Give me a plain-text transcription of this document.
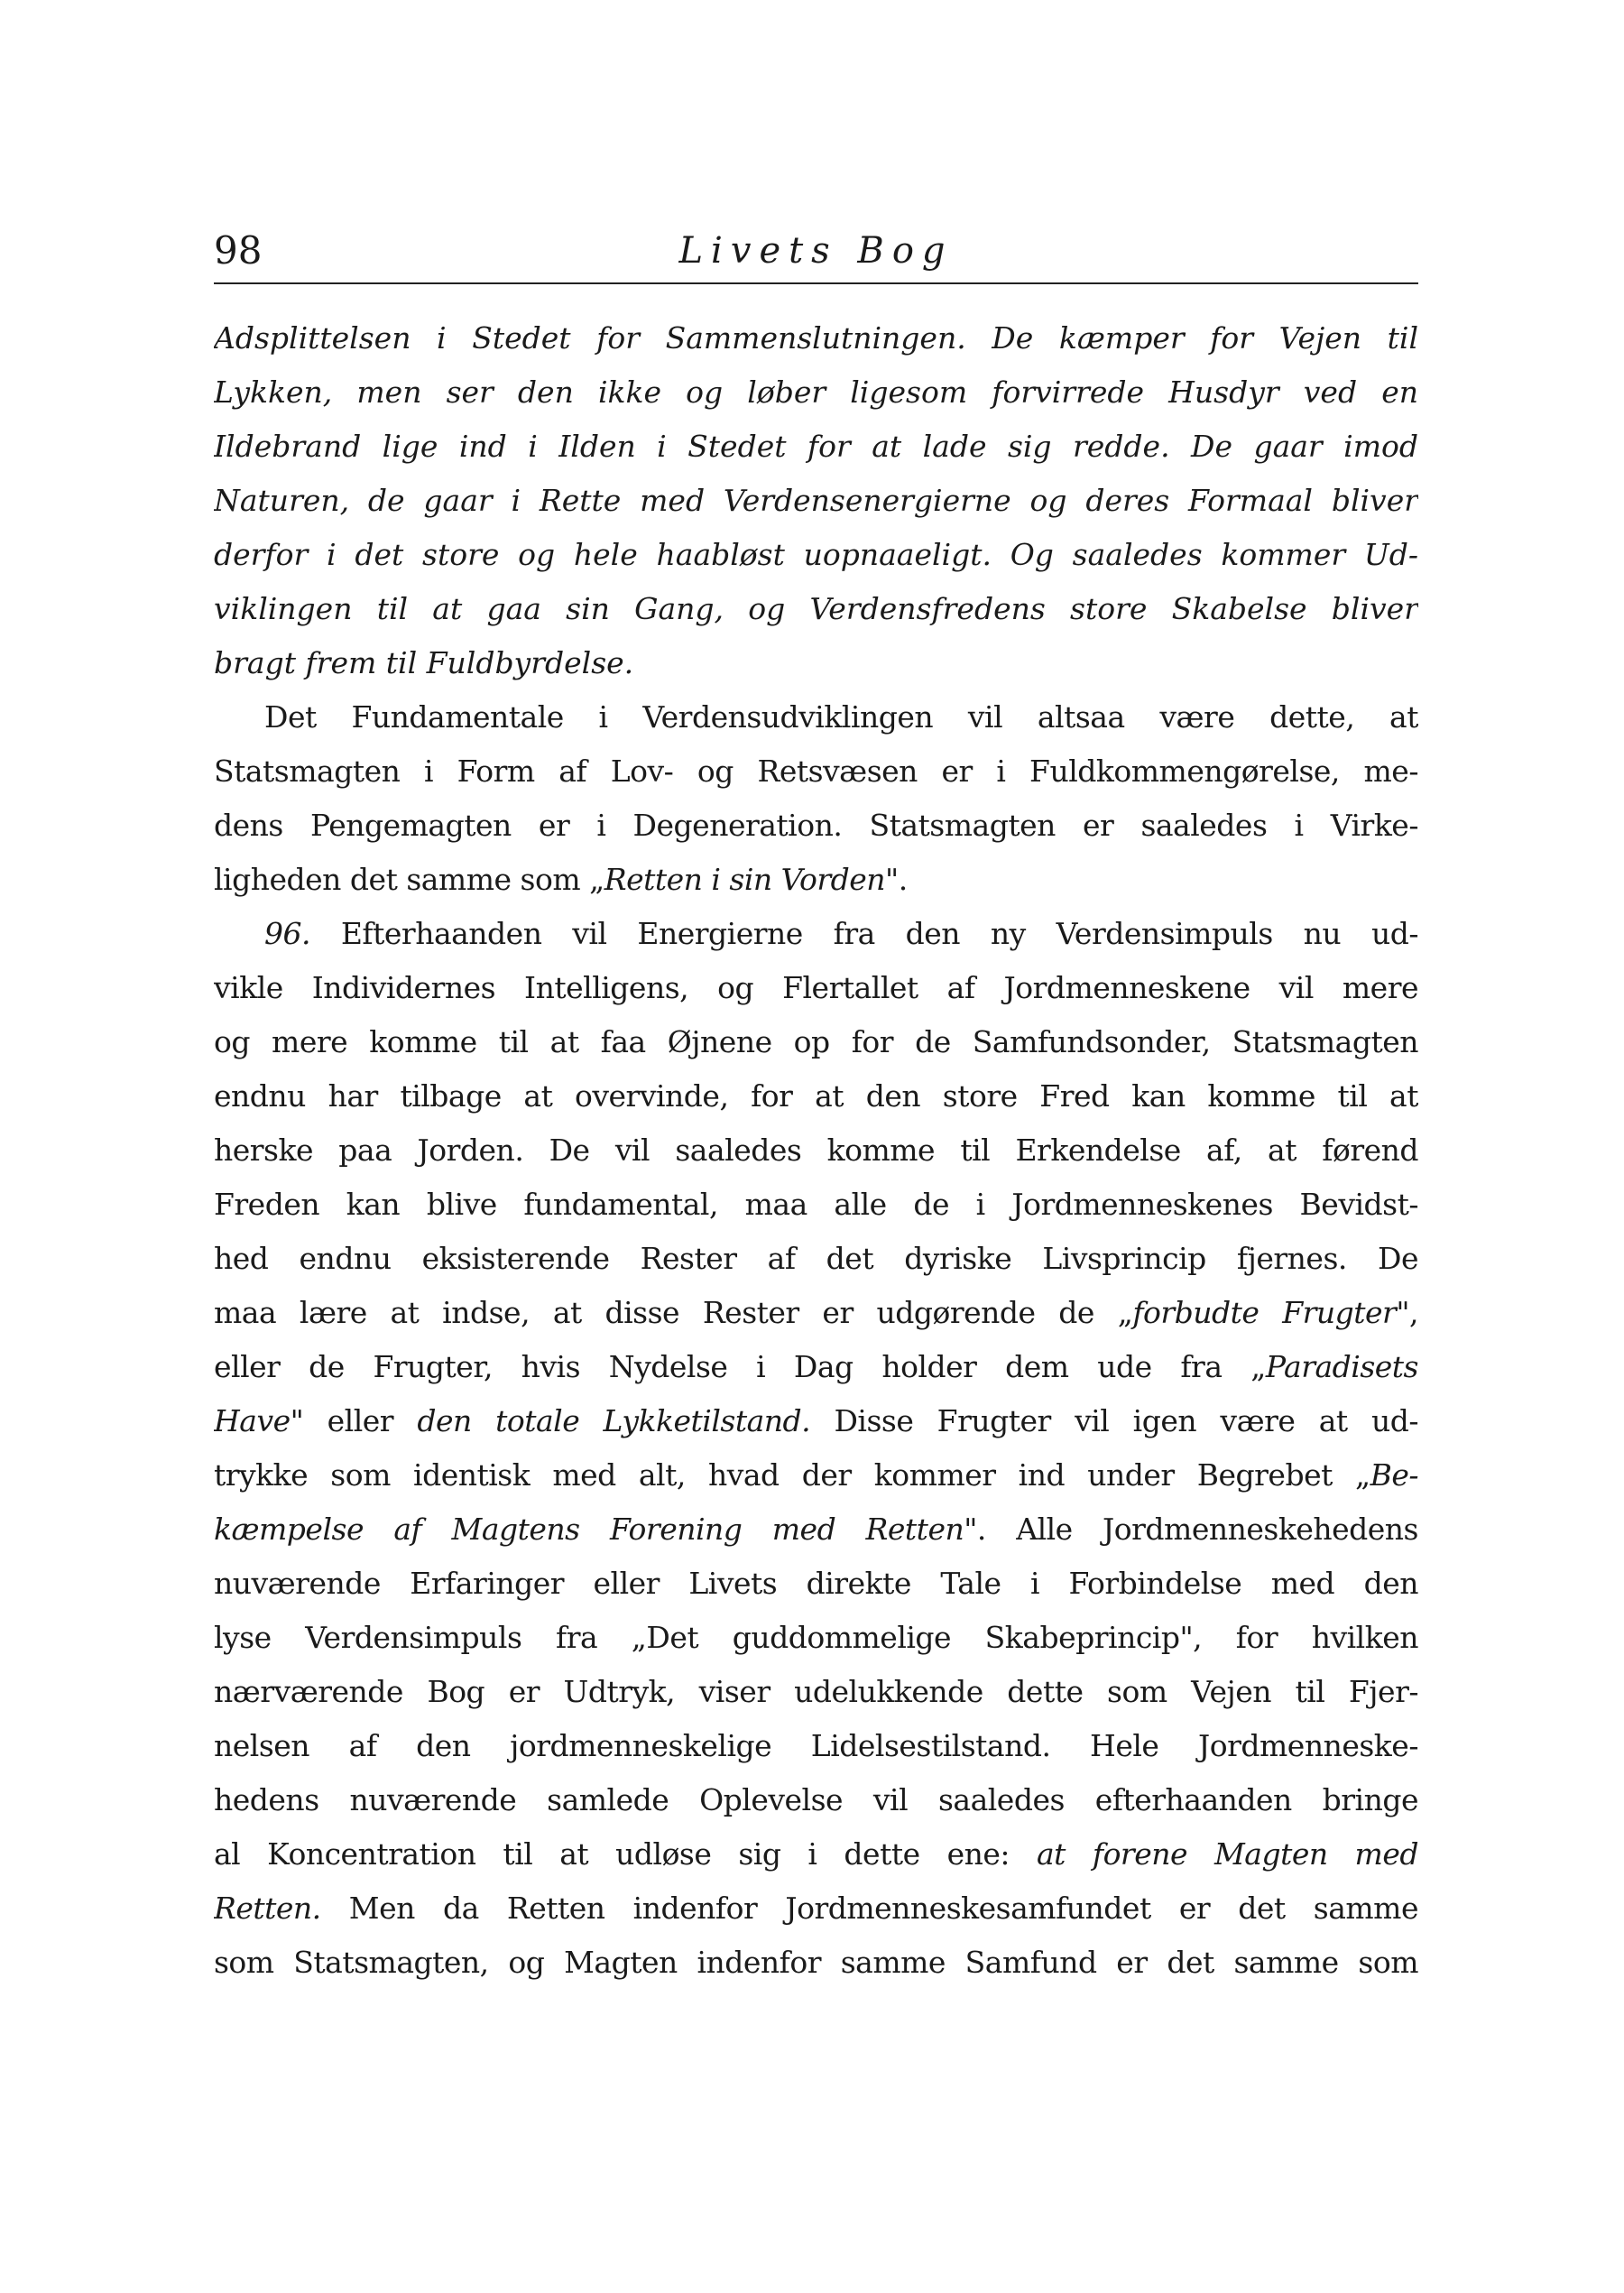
98	Livets Bog
Adsplittelsen i Stedet for Sammenslutningen. De kæmper for Vejen til
Lykken, men ser den ikke og løber ligesom forvirrede Husdyr ved en
Ildebrand lige ind i Ilden i Stedet for at lade sig redde. De gaar imod
Naturen, de gaar i Rette med Verdensenergierne og deres Formaal bliver
derfor i det store og hele haabløst uopnaaeligt. Og saaledes kommer Ud-
viklingen til at gaa sin Gang, og Verdensfredens store Skabelse bliver
bragt frem til Fuldbyrdelse.
Det Fundamentale i Verdensudviklingen vil altsaa være dette, at
Statsmagten i Form af Lov- og Retsvæsen er i Fuldkommengørelse, me-
dens Pengemagten er i Degeneration. Statsmagten er saaledes i Virke-
ligheden det samme som „Retten i sin Vorden".
96. Efterhaanden vil Energierne fra den ny Verdensimpuls nu ud-
vikle Individernes Intelligens, og Flertallet af Jordmenneskene vil mere
og mere komme til at faa Øjnene op for de Samfundsonder, Statsmagten
endnu har tilbage at overvinde, for at den store Fred kan komme til at
herske paa Jorden. De vil saaledes komme til Erkendelse af, at førend
Freden kan blive fundamental, maa alle de i Jordmenneskenes Bevidst-
hed endnu eksisterende Rester af det dyriske Livsprincip fjernes. De
maa lære at indse, at disse Rester er udgørende de „forbudte Frugter",
eller de Frugter, hvis Nydelse i Dag holder dem ude fra „Paradisets
Have" eller den totale Lykketilstand. Disse Frugter vil igen være at ud-
trykke som identisk med alt, hvad der kommer ind under Begrebet „Be-
kæmpelse af Magtens Forening med Retten". Alle Jordmenneskehedens
nuværende Erfaringer eller Livets direkte Tale i Forbindelse med den
lyse Verdensimpuls fra „Det guddommelige Skabeprincip", for hvilken
nærværende Bog er Udtryk, viser udelukkende dette som Vejen til Fjer-
nelsen af den jordmenneskelige Lidelsestilstand. Hele Jordmenneske-
hedens nuværende samlede Oplevelse vil saaledes efterhaanden bringe
al Koncentration til at udløse sig i dette ene: at forene Magten med
Retten. Men da Retten indenfor Jordmenneskesamfundet er det samme
som Statsmagten, og Magten indenfor samme Samfund er det samme som
